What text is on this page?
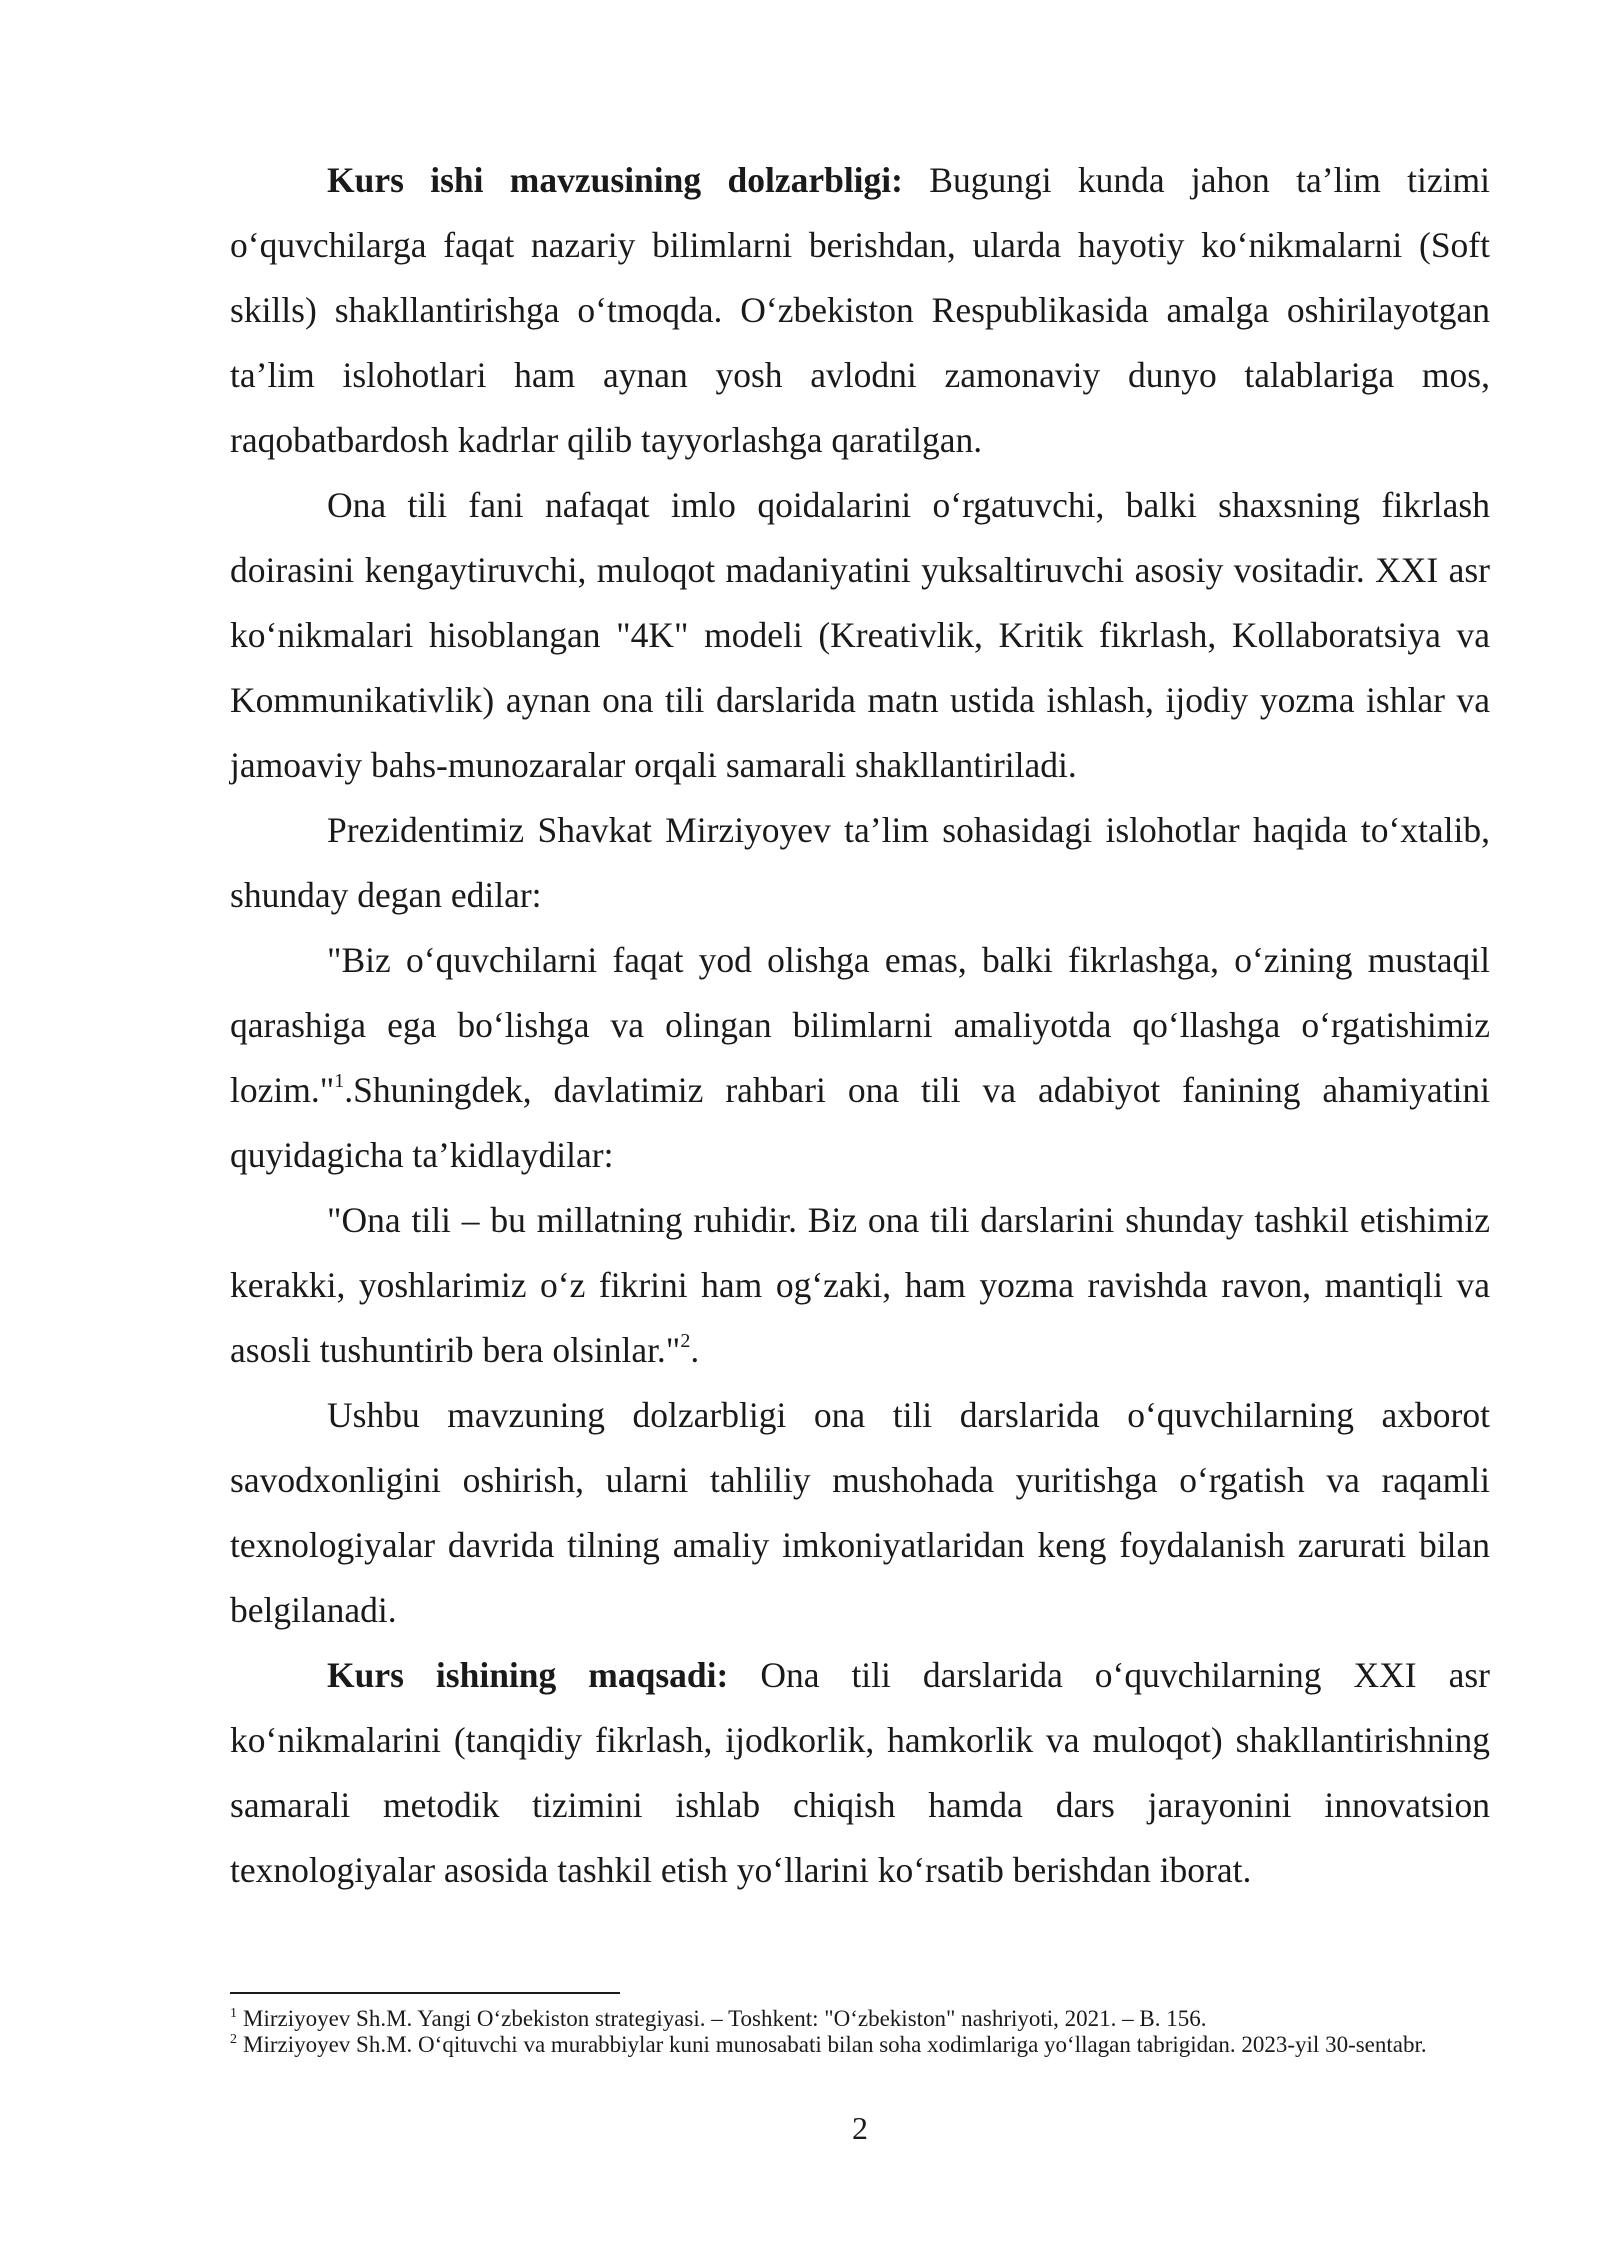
Kurs ishi mavzusining dolzarbligi: Bugungi kunda jahon ta’lim tizimi o‘quvchilarga faqat nazariy bilimlarni berishdan, ularda hayotiy ko‘nikmalarni (Soft skills) shakllantirishga o‘tmoqda. O‘zbekiston Respublikasida amalga oshirilayotgan ta’lim islohotlari ham aynan yosh avlodni zamonaviy dunyo talablariga mos, raqobatbardosh kadrlar qilib tayyorlashga qaratilgan.

Ona tili fani nafaqat imlo qoidalarini o‘rgatuvchi, balki shaxsning fikrlash doirasini kengaytiruvchi, muloqot madaniyatini yuksaltiruvchi asosiy vositadir. XXI asr ko‘nikmalari hisoblangan "4K" modeli (Kreativlik, Kritik fikrlash, Kollaboratsiya va Kommunikativlik) aynan ona tili darslarida matn ustida ishlash, ijodiy yozma ishlar va jamoaviy bahs-munozaralar orqali samarali shakllantiriladi.

Prezidentimiz Shavkat Mirziyoyev ta’lim sohasidagi islohotlar haqida to‘xtalib, shunday degan edilar:

"Biz o‘quvchilarni faqat yod olishga emas, balki fikrlashga, o‘zining mustaqil qarashiga ega bo‘lishga va olingan bilimlarni amaliyotda qo‘llashga o‘rgatishimiz lozim."$^1$.Shuningdek, davlatimiz rahbari ona tili va adabiyot fanining ahamiyatini quyidagicha ta’kidlaydilar:

"Ona tili – bu millatning ruhidir. Biz ona tili darslarini shunday tashkil etishimiz kerakki, yoshlarimiz o‘z fikrini ham og‘zaki, ham yozma ravishda ravon, mantiqli va asosli tushuntirib bera olsinlar."$^2$.

Ushbu mavzuning dolzarbligi ona tili darslarida o‘quvchilarning axborot savodxonligini oshirish, ularni tahliliy mushohada yuritishga o‘rgatish va raqamli texnologiyalar davrida tilning amaliy imkoniyatlaridan keng foydalanish zarurati bilan belgilanadi.

Kurs ishining maqsadi: Ona tili darslarida o‘quvchilarning XXI asr ko‘nikmalarini (tanqidiy fikrlash, ijodkorlik, hamkorlik va muloqot) shakllantirishning samarali metodik tizimini ishlab chiqish hamda dars jarayonini innovatsion texnologiyalar asosida tashkil etish yo‘llarini ko‘rsatib berishdan iborat.

$^1$ Mirziyoyev Sh.M. Yangi O‘zbekiston strategiyasi. – Toshkent: "O‘zbekiston" nashriyoti, 2021. – B. 156.

$^2$ Mirziyoyev Sh.M. O‘qituvchi va murabbiylar kuni munosabati bilan soha xodimlariga yo‘llagan tabrigidan. 2023-yil 30-sentabr.

2
